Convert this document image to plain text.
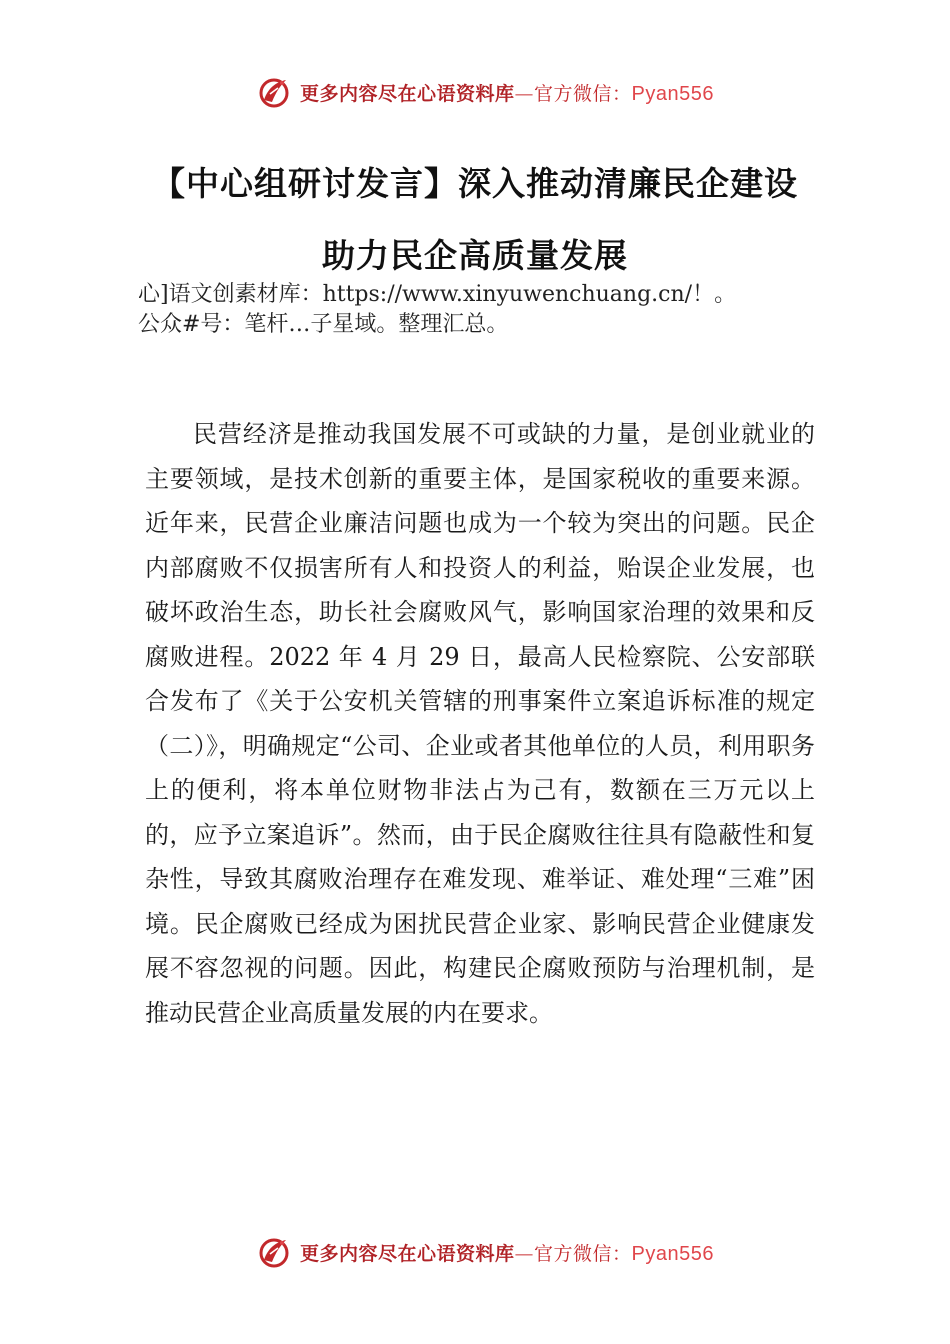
更多内容尽在心语资料库—官方微信：Pyan556
【中心组研讨发言】深入推动清廉民企建设
助力民企高质量发展
心]语文创素材库：https://www.xinyuwenchuang.cn/！。
公众#号：笔杆…子星域。整理汇总。

民营经济是推动我国发展不可或缺的力量，是创业就业的主要领域，是技术创新的重要主体，是国家税收的重要来源。近年来，民营企业廉洁问题也成为一个较为突出的问题。民企内部腐败不仅损害所有人和投资人的利益，贻误企业发展，也破坏政治生态，助长社会腐败风气，影响国家治理的效果和反腐败进程。2022 年 4 月 29 日，最高人民检察院、公安部联合发布了《关于公安机关管辖的刑事案件立案追诉标准的规定（二）》，明确规定“公司、企业或者其他单位的人员，利用职务上的便利，将本单位财物非法占为己有，数额在三万元以上的，应予立案追诉”。然而，由于民企腐败往往具有隐蔽性和复杂性，导致其腐败治理存在难发现、难举证、难处理“三难”困境。民企腐败已经成为困扰民营企业家、影响民营企业健康发展不容忽视的问题。因此，构建民企腐败预防与治理机制，是推动民营企业高质量发展的内在要求。

更多内容尽在心语资料库—官方微信：Pyan556
